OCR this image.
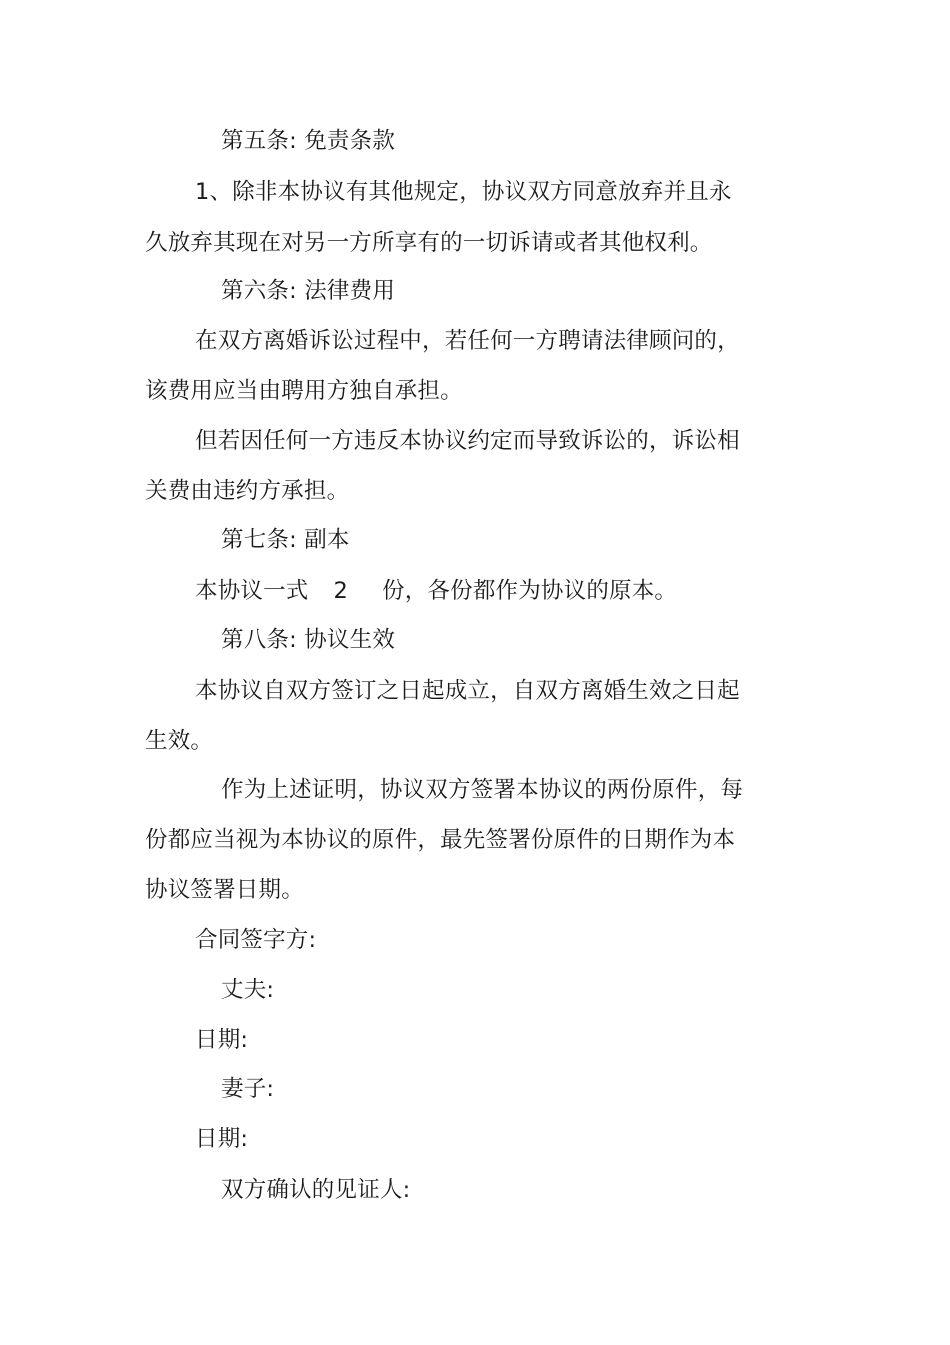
第五条: 免责条款
1、除非本协议有其他规定，协议双方同意放弃并且永
久放弃其现在对另一方所享有的一切诉请或者其他权利。
第六条: 法律费用
在双方离婚诉讼过程中，若任何一方聘请法律顾问的，
该费用应当由聘用方独自承担。
但若因任何一方违反本协议约定而导致诉讼的，诉讼相
关费由违约方承担。
第七条: 副本
本协议一式 2 份，各份都作为协议的原本。
第八条: 协议生效
本协议自双方签订之日起成立，自双方离婚生效之日起
生效。
作为上述证明，协议双方签署本协议的两份原件，每
份都应当视为本协议的原件，最先签署份原件的日期作为本
协议签署日期。
合同签字方:
丈夫:
日期:
妻子:
日期:
双方确认的见证人:
